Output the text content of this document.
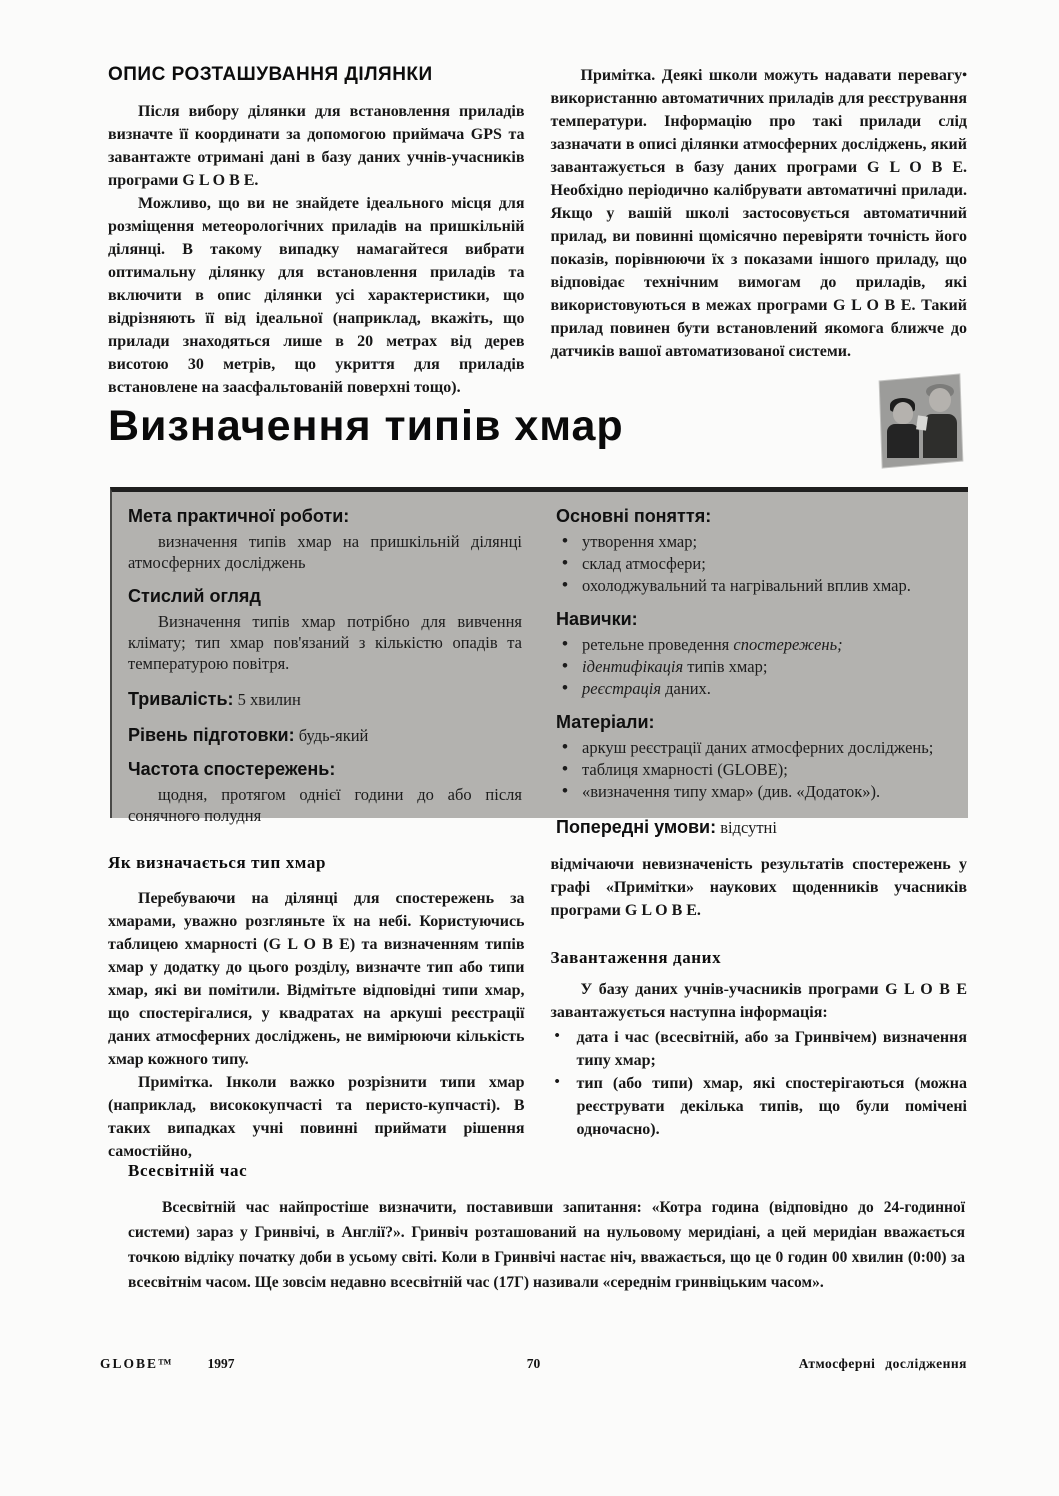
ОПИС РОЗТАШУВАННЯ ДІЛЯНКИ

Після вибору ділянки для встановлення приладів визначте її координати за допомогою приймача GPS та завантажте отримані дані в базу даних учнів-учасників програми G L O B E.

Можливо, що ви не знайдете ідеального місця для розміщення метеорологічних приладів на пришкільній ділянці. В такому випадку намагайтеся вибрати оптимальну ділянку для встановлення приладів та включити в опис ділянки усі характеристики, що відрізняють її від ідеальної (наприклад, вкажіть, що прилади знаходяться лише в 20 метрах від дерев висотою 30 метрів, що укриття для приладів встановлене на заасфальтованій поверхні тощо).

•
Примітка. Деякі школи можуть надавати перевагу використанню автоматичних приладів для реєстрування температури. Інформацію про такі прилади слід зазначати в описі ділянки атмосферних досліджень, який завантажується в базу даних програми G L O B E. Необхідно періодично калібрувати автоматичні прилади. Якщо у вашій школі застосовується автоматичний прилад, ви повинні щомісячно перевіряти точність його показів, порівнюючи їх з показами іншого приладу, що відповідає технічним вимогам до приладів, які використовуються в межах програми G L O B E. Такий прилад повинен бути встановлений якомога ближче до датчиків вашої автоматизованої системи.

Визначення типів хмар
Мета практичної роботи:

визначення типів хмар на пришкільній ділянці атмосферних досліджень

Стислий огляд

Визначення типів хмар потрібно для вивчення клімату; тип хмар пов'язаний з кількістю опадів та температурою повітря.

Тривалість: 5 хвилин

Рівень підготовки: будь-який

Частота спостережень:

щодня, протягом однієї години до або після сонячного полудня

Основні поняття:
• утворення хмар;
• склад атмосфери;
• охолоджувальний та нагрівальний вплив хмар.
Навички:
• ретельне проведення спостережень;
• ідентифікація типів хмар;
• реєстрація даних.
Матеріали:
• аркуш реєстрації даних атмосферних досліджень;
• таблиця хмарності (GLOBE);
• «визначення типу хмар» (див. «Додаток»).

Попередні умови: відсутні

Як визначається тип хмар

Перебуваючи на ділянці для спостережень за хмарами, уважно розгляньте їх на небі. Користуючись таблицею хмарності (G L O B E) та визначенням типів хмар у додатку до цього розділу, визначте тип або типи хмар, які ви помітили. Відмітьте відповідні типи хмар, що спостерігалися, у квадратах на аркуші реєстрації даних атмосферних досліджень, не вимірюючи кількість хмар кожного типу.

Примітка. Інколи важко розрізнити типи хмар (наприклад, висококупчасті та перисто-купчасті). В таких випадках учні повинні приймати рішення самостійно,

відмічаючи невизначеність результатів спостережень у графі «Примітки» наукових щоденників учасників програми G L O B E.

Завантаження даних

У базу даних учнів-учасників програми G L O B E завантажується наступна інформація:

• дата і час (всесвітній, або за Гринвічем) визначення типу хмар;
• тип (або типи) хмар, які спостерігаються (можна реєструвати декілька типів, що були помічені одночасно).
Всесвітній час

Всесвітній час найпростіше визначити, поставивши запитання: «Котра година (відповідно до 24-годинної системи) зараз у Гринвічі, в Англії?». Гринвіч розташований на нульовому меридіані, а цей меридіан вважається точкою відліку початку доби в усьому світі. Коли в Гринвічі настає ніч, вважається, що це 0 годин 00 хвилин (0:00) за всесвітнім часом. Ще зовсім недавно всесвітній час (17Г) називали «середнім гринвіцьким часом».

GLOBE™	1997	70	Атмосферні дослідження
